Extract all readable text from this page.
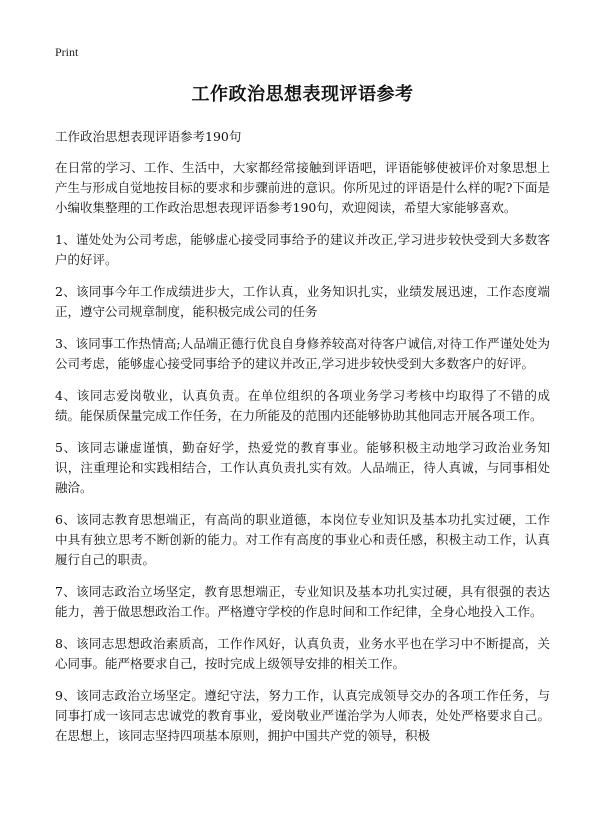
Print
工作政治思想表现评语参考
工作政治思想表现评语参考190句

在日常的学习、工作、生活中，大家都经常接触到评语吧，评语能够使被评价对象思想上产生与形成自觉地按目标的要求和步骤前进的意识。你所见过的评语是什么样的呢?下面是小编收集整理的工作政治思想表现评语参考190句，欢迎阅读，希望大家能够喜欢。

1、谨处处为公司考虑，能够虚心接受同事给予的建议并改正,学习进步较快受到大多数客户的好评。

2、该同事今年工作成绩进步大，工作认真，业务知识扎实，业绩发展迅速，工作态度端正，遵守公司规章制度，能积极完成公司的任务

3、该同事工作热情高;人品端正德行优良自身修养较高对待客户诚信,对待工作严谨处处为公司考虑，能够虚心接受同事给予的建议并改正,学习进步较快受到大多数客户的好评。

4、该同志爱岗敬业，认真负责。在单位组织的各项业务学习考核中均取得了不错的成绩。能保质保量完成工作任务，在力所能及的范围内还能够协助其他同志开展各项工作。

5、该同志谦虚谨慎，勤奋好学，热爱党的教育事业。能够积极主动地学习政治业务知识，注重理论和实践相结合，工作认真负责扎实有效。人品端正，待人真诚，与同事相处融洽。

6、该同志教育思想端正，有高尚的职业道德，本岗位专业知识及基本功扎实过硬，工作中具有独立思考不断创新的能力。对工作有高度的事业心和责任感，积极主动工作，认真履行自己的职责。

7、该同志政治立场坚定，教育思想端正，专业知识及基本功扎实过硬，具有很强的表达能力，善于做思想政治工作。严格遵守学校的作息时间和工作纪律，全身心地投入工作。

8、该同志思想政治素质高，工作作风好，认真负责，业务水平也在学习中不断提高，关心同事。能严格要求自己，按时完成上级领导安排的相关工作。

9、该同志政治立场坚定。遵纪守法，努力工作，认真完成领导交办的各项工作任务，与同事打成一该同志忠诚党的教育事业，爱岗敬业严谨治学为人师表，处处严格要求自己。在思想上，该同志坚持四项基本原则，拥护中国共产党的领导，积极
